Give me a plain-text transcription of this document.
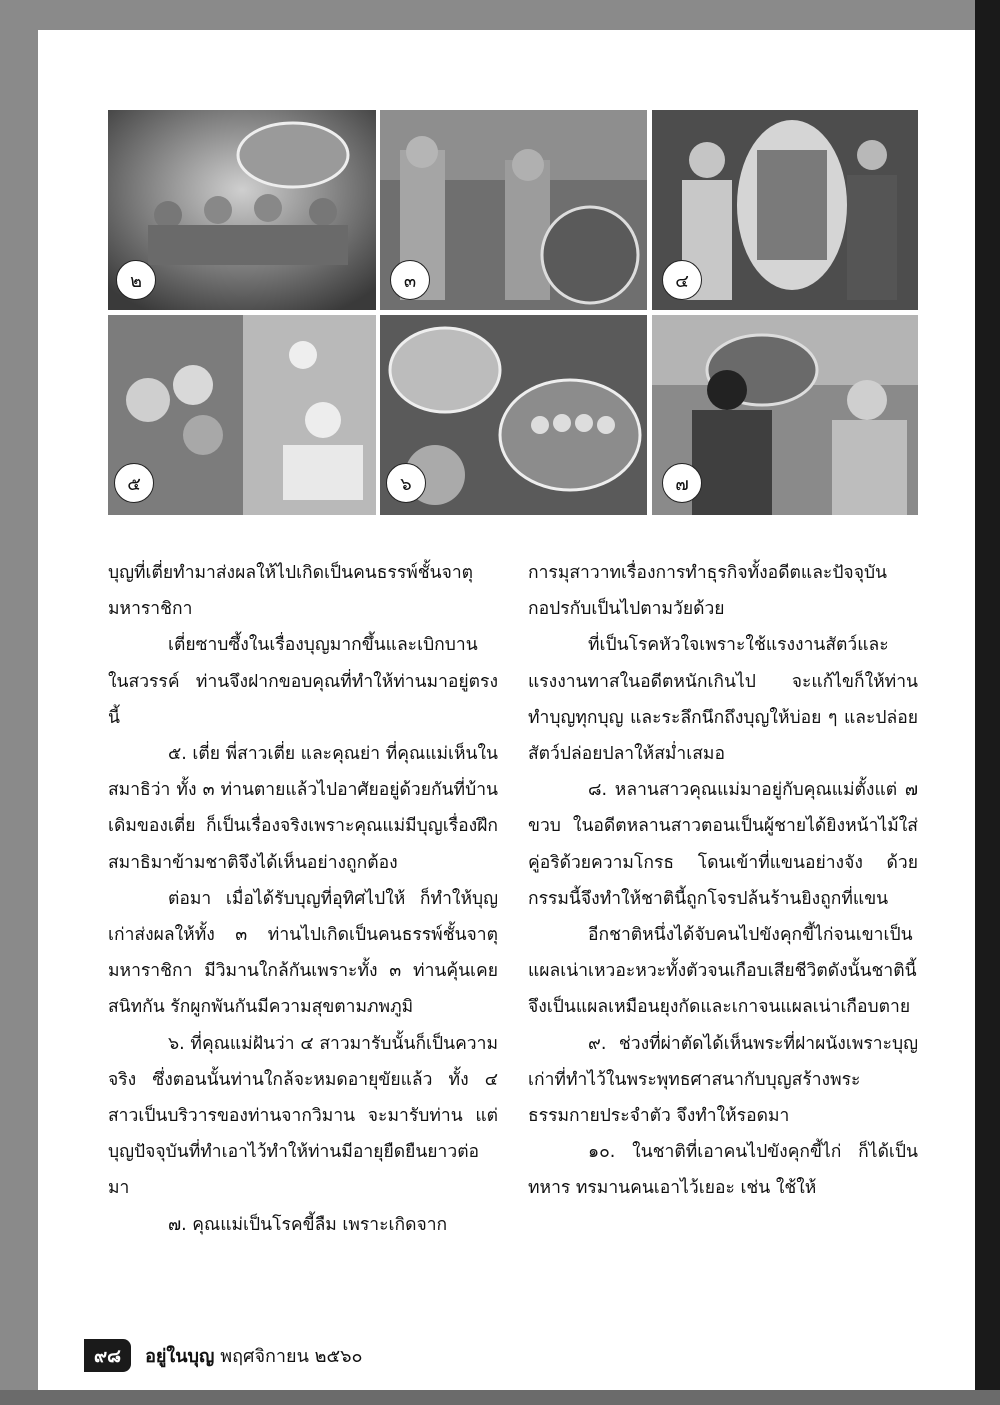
๒	๓	๔
๕	๖	๗

บุญที่เตี่ยทำมาส่งผลให้ไปเกิดเป็นคนธรรพ์ชั้นจาตุมหาราชิกา

เตี่ยซาบซึ้งในเรื่องบุญมากขึ้นและเบิกบานในสวรรค์ ท่านจึงฝากขอบคุณที่ทำให้ท่านมาอยู่ตรงนี้

๕. เตี่ย พี่สาวเตี่ย และคุณย่า ที่คุณแม่เห็นในสมาธิว่า ทั้ง ๓ ท่านตายแล้วไปอาศัยอยู่ด้วยกันที่บ้านเดิมของเตี่ย ก็เป็นเรื่องจริงเพราะคุณแม่มีบุญเรื่องฝึกสมาธิมาข้ามชาติจึงได้เห็นอย่างถูกต้อง

ต่อมา เมื่อได้รับบุญที่อุทิศไปให้ ก็ทำให้บุญเก่าส่งผลให้ทั้ง ๓ ท่านไปเกิดเป็นคนธรรพ์ชั้นจาตุมหาราชิกา มีวิมานใกล้กันเพราะทั้ง ๓ ท่านคุ้นเคยสนิทกัน รักผูกพันกันมีความสุขตามภพภูมิ

๖. ที่คุณแม่ฝันว่า ๔ สาวมารับนั้นก็เป็นความจริง ซึ่งตอนนั้นท่านใกล้จะหมดอายุขัยแล้ว ทั้ง ๔ สาวเป็นบริวารของท่านจากวิมาน จะมารับท่าน แต่บุญปัจจุบันที่ทำเอาไว้ทำให้ท่านมีอายุยืดยืนยาวต่อมา

๗. คุณแม่เป็นโรคขี้ลืม เพราะเกิดจาก

การมุสาวาทเรื่องการทำธุรกิจทั้งอดีตและปัจจุบัน กอปรกับเป็นไปตามวัยด้วย

ที่เป็นโรคหัวใจเพราะใช้แรงงานสัตว์และแรงงานทาสในอดีตหนักเกินไป จะแก้ไขก็ให้ท่านทำบุญทุกบุญ และระลึกนึกถึงบุญให้บ่อย ๆ และปล่อยสัตว์ปล่อยปลาให้สม่ำเสมอ

๘. หลานสาวคุณแม่มาอยู่กับคุณแม่ตั้งแต่ ๗ ขวบ ในอดีตหลานสาวตอนเป็นผู้ชายได้ยิงหน้าไม้ใส่คู่อริด้วยความโกรธ โดนเข้าที่แขนอย่างจัง ด้วยกรรมนี้จึงทำให้ชาตินี้ถูกโจรปล้นร้านยิงถูกที่แขน

อีกชาติหนึ่งได้จับคนไปขังคุกขี้ไก่จนเขาเป็นแผลเน่าเหวอะหวะทั้งตัวจนเกือบเสียชีวิตดังนั้นชาตินี้จึงเป็นแผลเหมือนยุงกัดและเกาจนแผลเน่าเกือบตาย

๙. ช่วงที่ผ่าตัดได้เห็นพระที่ฝาผนังเพราะบุญเก่าที่ทำไว้ในพระพุทธศาสนากับบุญสร้างพระธรรมกายประจำตัว จึงทำให้รอดมา

๑๐. ในชาติที่เอาคนไปขังคุกขี้ไก่ ก็ได้เป็นทหาร ทรมานคนเอาไว้เยอะ เช่น ใช้ให้

๙๘	อยู่ในบุญ พฤศจิกายน ๒๕๖๐
